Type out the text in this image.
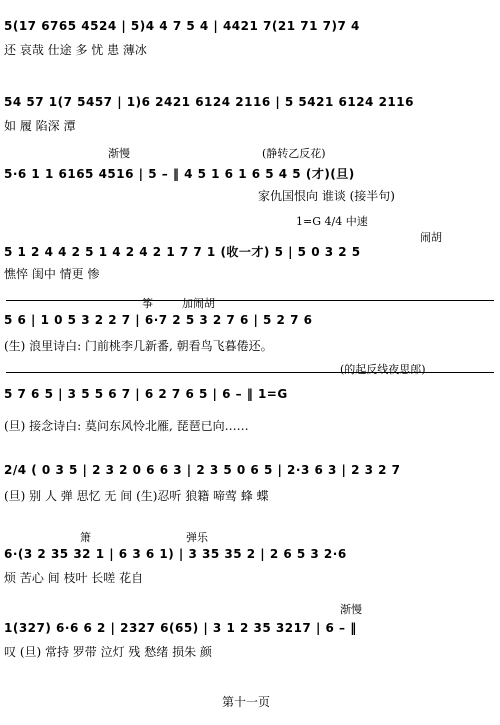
5(17 6765 4524 | 5)4 4 7 5 4 | 4421 7(21 71 7)7 4
还 哀哉 仕途 多 忧 患 薄冰
54 57 1(7 5457 | 1)6 2421 6124 2116 | 5 5421 6124 2116
如 履 陷深 潭
渐慢	(静转乙反花)
5·6 1 1 6165 4516 | 5 – ‖ 4 5 1 6 1 6 5 4 5 (才)(旦)
家仇国恨向 谁谈 (接半句)
1=G 4/4 中速
闹胡
5 1 2 4 4 2 5 1 4 2 4 2 1 7 7 1 (收一才) 5 | 5 0 3 2 5
憔悴 闺中 情更 惨
筝	加闹胡
5 6 | 1 0 5 3 2 2 7 | 6·7 2 5 3 2 7 6 | 5 2 7 6
(生) 浪里诗白: 门前桃李几新番, 朝看鸟飞暮倦还。
(的起反线夜思郎)
5 7 6 5 | 3 5 5 6 7 | 6 2 7 6 5 | 6 – ‖ 1=G
(旦) 接念诗白: 莫问东风怜北雁, 琵琶已向……
2/4 ( 0 3 5 | 2 3 2 0 6 6 3 | 2 3 5 0 6 5 | 2·3 6 3 | 2 3 2 7
(旦) 别 人 弹 思忆 无 间 (生)忍听 狼籍 啼莺 蜂 蝶
箫	弹乐
6·(3 2 35 32 1 | 6 3 6 1) | 3 35 35 2 | 2 6 5 3 2·6
烦 苦心 间 枝叶 长嗟 花自
渐慢
1(327) 6·6 6 2 | 2327 6(65) | 3 1 2 35 3217 | 6 – ‖
叹 (旦) 常持 罗带 泣灯 残 愁绪 损朱 颜
第十一页
